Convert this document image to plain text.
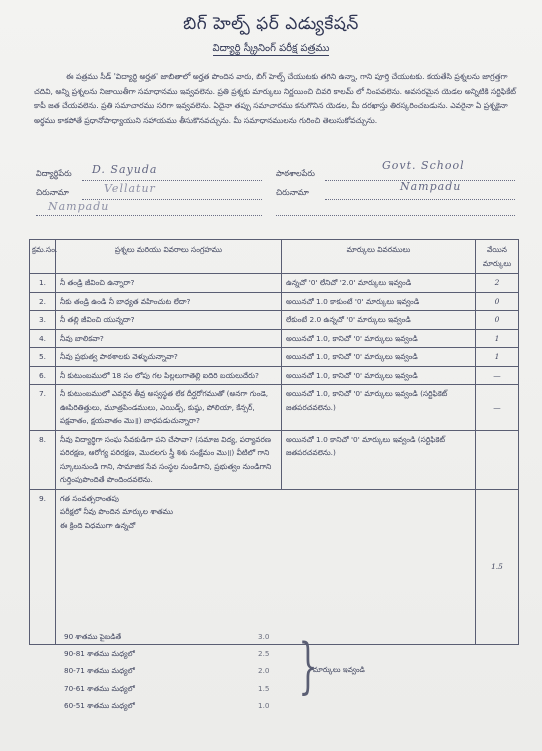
బిగ్ హెల్ప్ ఫర్ ఎడ్యుకేషన్
విద్యార్థి స్క్రీనింగ్ పరీక్ష పత్రము
ఈ పత్రము సీడ్ 'విద్యార్థి అర్హత' జాబితాలో అర్హత పొందిన వారు, బిగ్ హెల్ప్ చేయుటకు తగిని ఉన్నా, గాని పూర్తి చేయుటకు. కయతేసి ప్రశ్నలను జాగ్రత్తగా చదివి, అన్ని ప్రశ్నలను నిజాయితీగా సమాధానము ఇవ్వవలెను. ప్రతి ప్రశ్నకు మార్కులు నిర్ణయించి చివరి కాలమ్ లో నింపవలెను. అవసరమైన యెడల అన్నిటికి సర్టిఫికేట్ కాపీ జత చేయవలెను. ప్రతి సమాచారము సరిగా ఇవ్వవలెను. ఏదైనా తప్పు సమాచారము కనుగొనిన యెడల, మీ దరఖాస్తు తిరస్కరించబడును. ఎవరైనా ఏ ప్రశ్నకైనా అర్థము కాకపోతే ప్రధానోపాధ్యాయుని సహాయము తీసుకొనవచ్చును. మీ సమాధానములను గురించి తెలుసుకోవచ్చును.
విద్యార్థిపేరు D. Sayuda	పాఠశాలపేరు
Govt. School
చిరునామా	Vellatur	చిరునామా	Nampadu
Nampadu
క్రమ.సం.	ప్రశ్నలు మరియు వివరాలు సంగ్రహము	మార్కులు వివరములు	వేయిన మార్కులు
1.	నీ తండ్రి జీవించి ఉన్నారా?	ఉన్నచో '0' లేనిచో '2.0' మార్కులు ఇవ్వండి	2
2.	నీకు తండ్రి ఉండి నీ బాధ్యత వహించుట లేదా?	అయినచో 1.0 కాకుంటే '0' మార్కులు ఇవ్వండి	0
3.	నీ తల్లి జీవించి యున్నదా?	లేకుంటే 2.0 ఉన్నచో '0' మార్కులు ఇవ్వండి	0
4.	నీవు బాలికవా?	అయినచో 1.0, కానిచో '0' మార్కులు ఇవ్వండి	1
5.	నీవు ప్రభుత్వ పాఠశాలకు వెళ్ళుచున్నావా?	అయినచో 1.0, కానిచో '0' మార్కులు ఇవ్వండి	1
6.	నీ కుటుంబములో 18 సం లోపు గల పిల్లలుగాతెల్లి ఐదిరి బయలుదేరు?	అయినచో 1.0, కానిచో '0' మార్కులు ఇవ్వండి	—
7.	నీ కుటుంబములో ఎవరైన తీవ్ర అస్వస్థత లేక దీర్ఘరోగముతో (అనగా గుండె, ఊపిరితిత్తులు, మూత్రపిండములు, ఎయిడ్స్, కుష్ఠు, పోలియా, కేన్సర్, పక్షవాతం, క్షయవాతం మొ॥) బాధపడుచున్నారా?	అయినచో 1.0, కానిచో '0' మార్కులు ఇవ్వండి (సర్టిఫికెట్ జతపరచవలెను.)	—
8.	నీవు విద్యార్థిగా సంఘ సేవకుడిగా పని చేసావా? (సమాజ విద్య, పర్యావరణ పరిరక్షణ, ఆరోగ్య పరిరక్షణ, మొదలగు స్త్రీ శిశు సంక్షేమం మొ॥) వీటిలో గాని స్కూలునుండి గాని, సామాజిక సేవ సంస్థల నుండిగాని, ప్రభుత్వం నుండిగాని గుర్తింపుపొందితే పొందిందవలెను.	అయినచో 1.0 కానిచో '0' మార్కులు ఇవ్వండి (సర్టిఫికెట్ జతపరచవలెను.)	
9.	గత సంవత్సరాంతపు
పరీక్షలో నీవు పొందిన మార్కుల శాతము
ఈ క్రింది విధముగా ఉన్నచో		1.5
90 శాతము పైబడితే	3.0
90-81 శాతము మధ్యలో	2.5
80-71 శాతము మధ్యలో	2.0
70-61 శాతము మధ్యలో	1.5
60-51 శాతము మధ్యలో	1.0
}
మార్కులు ఇవ్వండి
